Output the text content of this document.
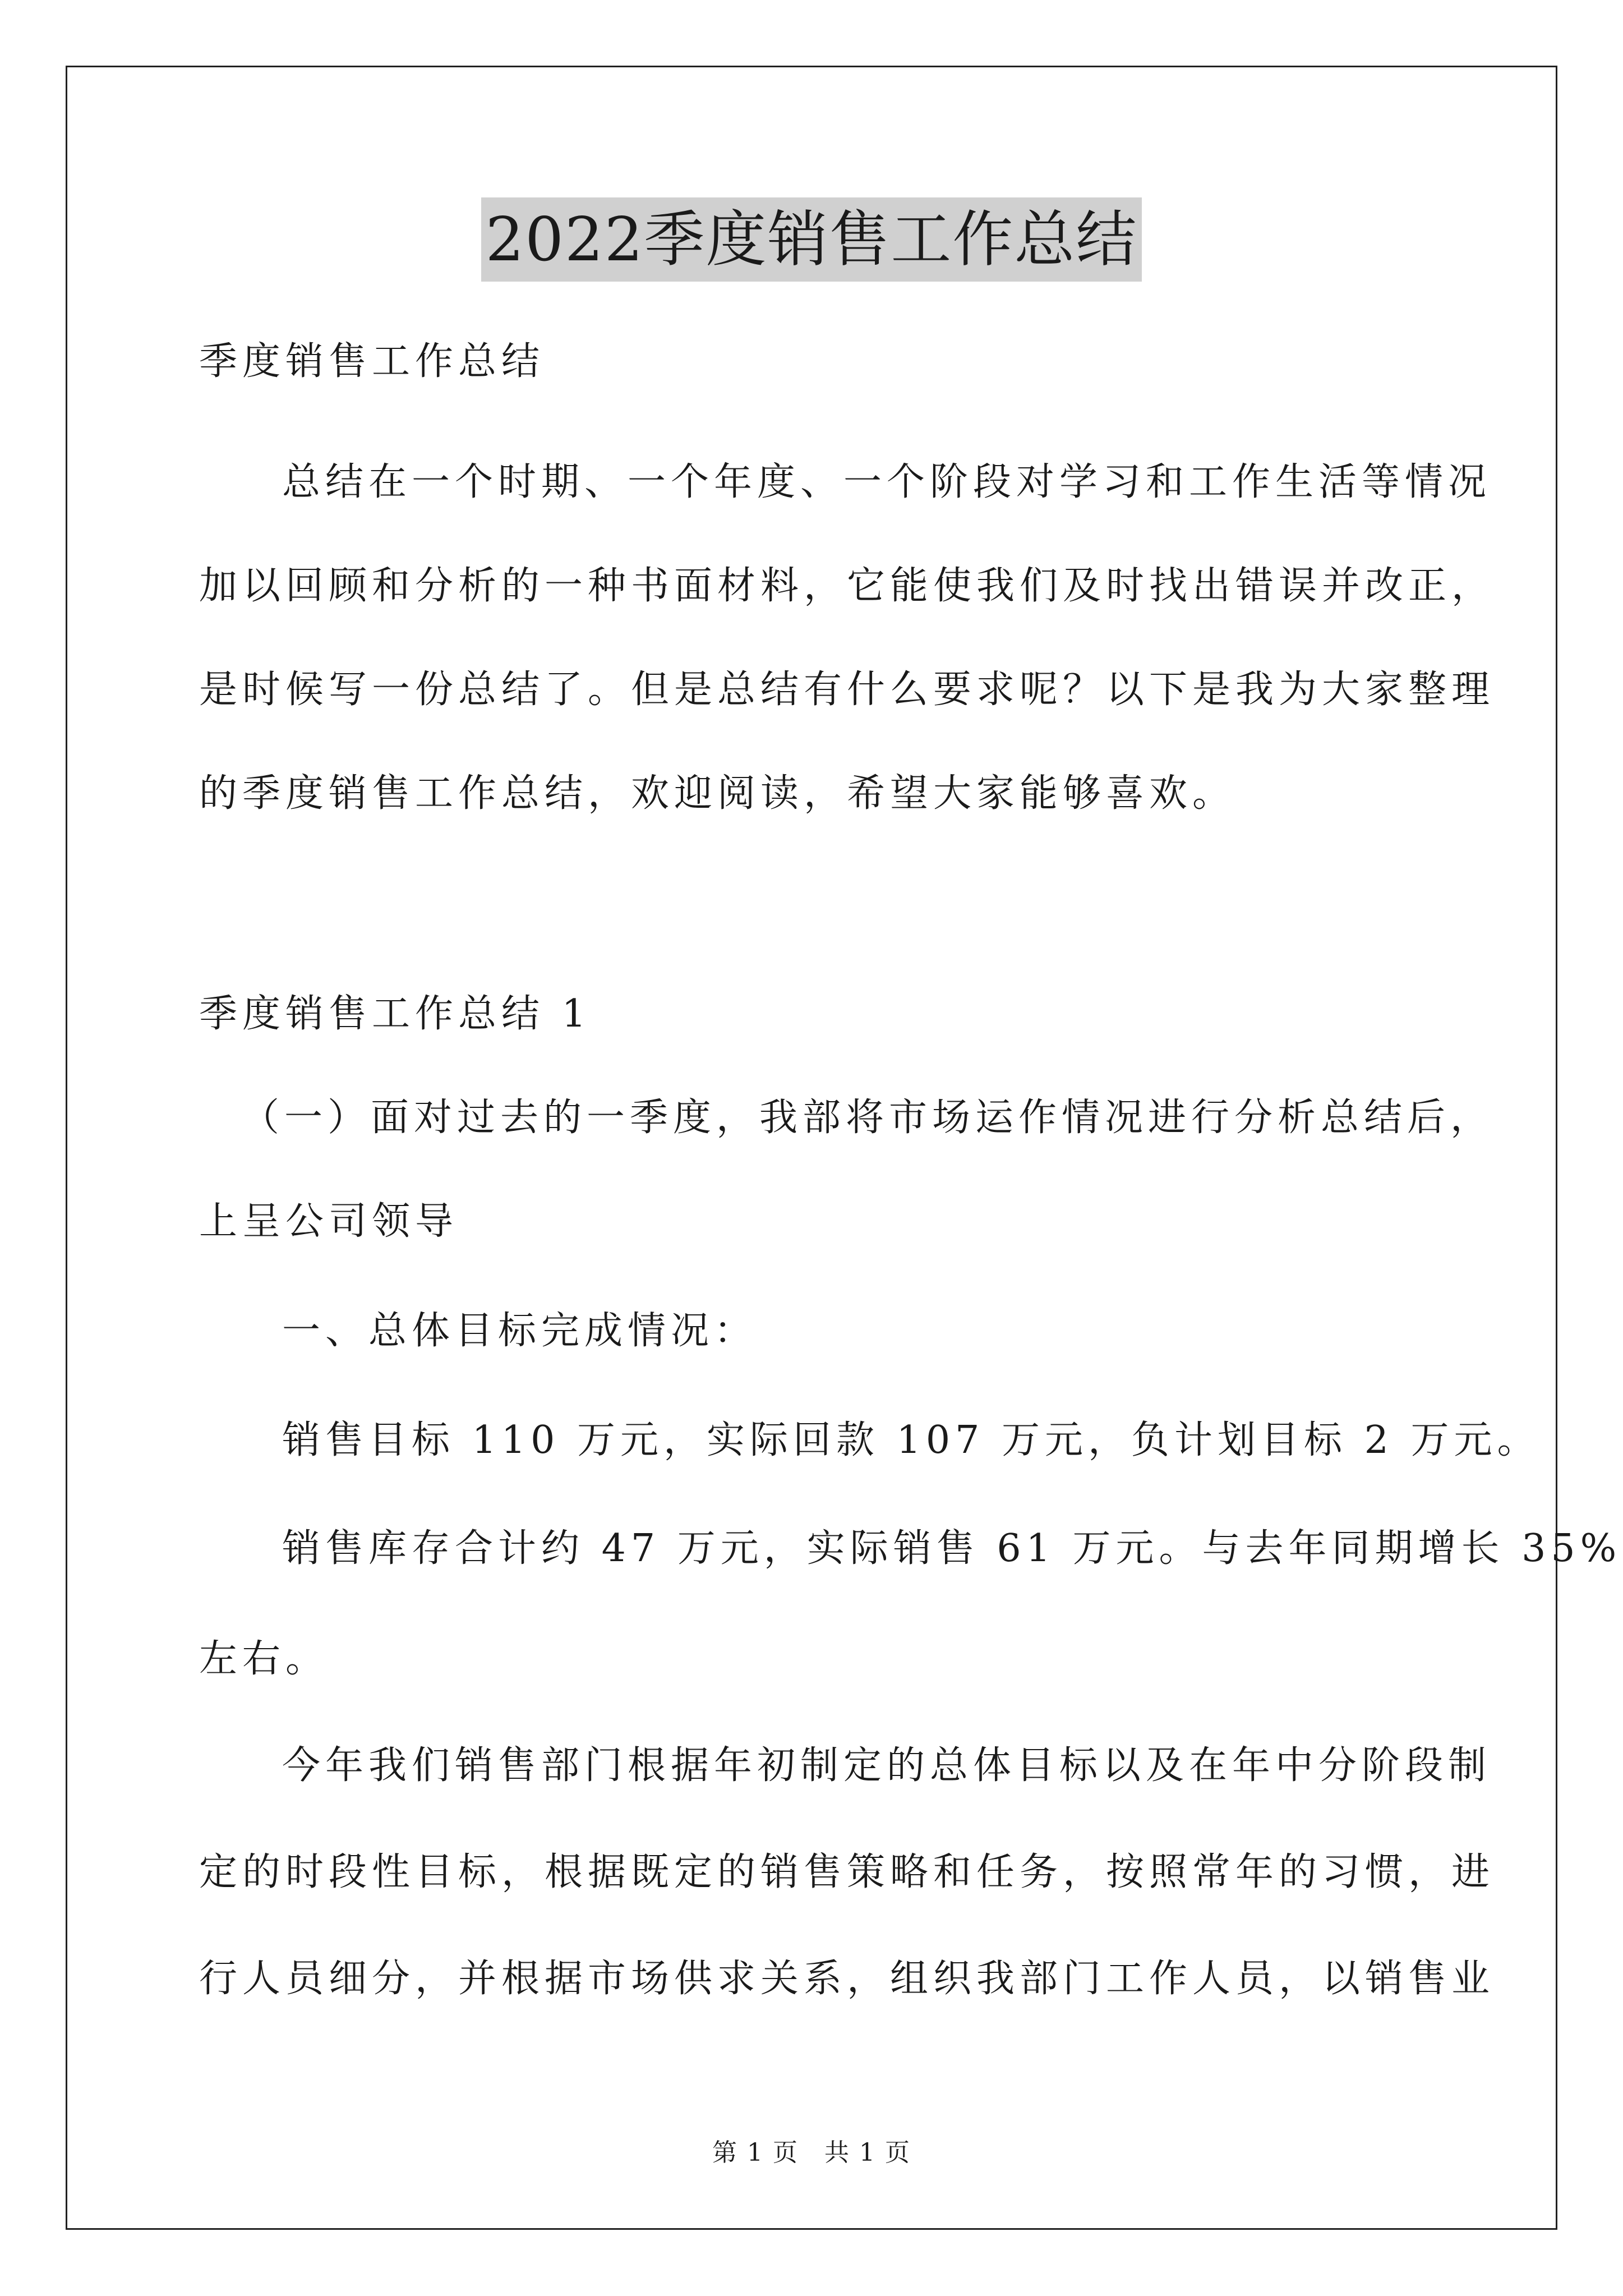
2022季度销售工作总结

季度销售工作总结

总结在一个时期、一个年度、一个阶段对学习和工作生活等情况

加以回顾和分析的一种书面材料，它能使我们及时找出错误并改正，

是时候写一份总结了。但是总结有什么要求呢？以下是我为大家整理

的季度销售工作总结，欢迎阅读，希望大家能够喜欢。

季度销售工作总结 1

（一）面对过去的一季度，我部将市场运作情况进行分析总结后，

上呈公司领导

一、总体目标完成情况：

销售目标 110 万元，实际回款 107 万元，负计划目标 2 万元。

销售库存合计约 47 万元，实际销售 61 万元。与去年同期增长 35%

左右。

今年我们销售部门根据年初制定的总体目标以及在年中分阶段制

定的时段性目标，根据既定的销售策略和任务，按照常年的习惯，进

行人员细分，并根据市场供求关系，组织我部门工作人员，以销售业

第 1 页　共 1 页
